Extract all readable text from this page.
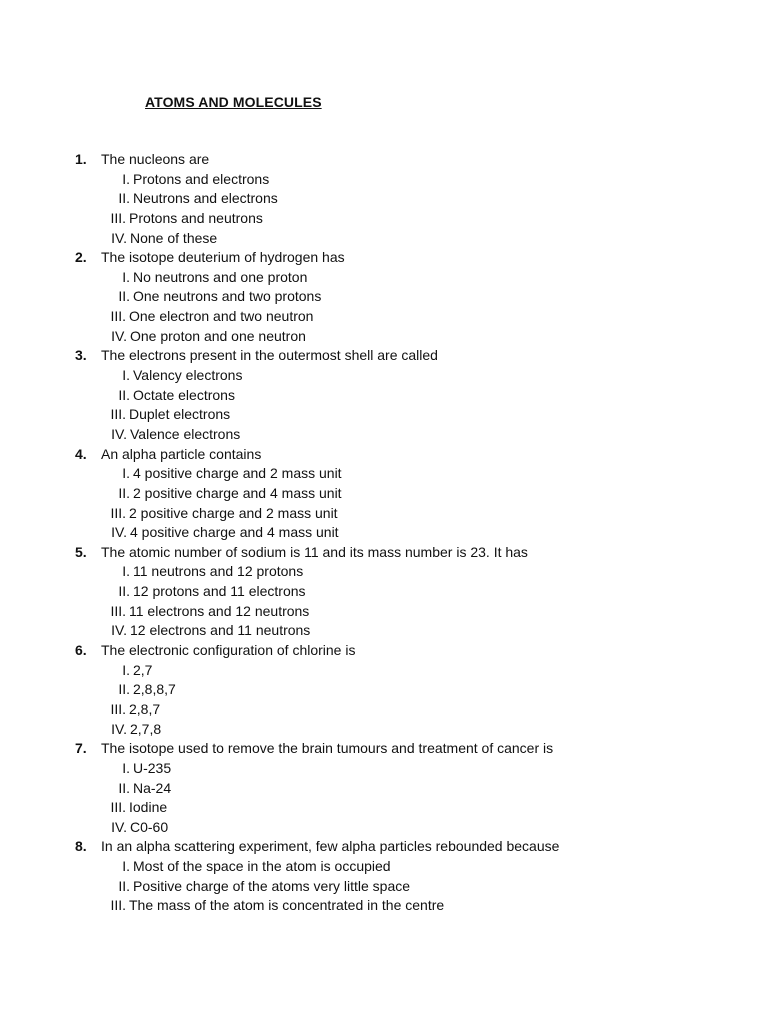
ATOMS AND MOLECULES
1. The nucleons are
I. Protons and electrons
II. Neutrons and electrons
III. Protons and neutrons
IV. None of these
2. The isotope deuterium of hydrogen has
I. No neutrons and one proton
II. One neutrons and two protons
III. One electron and two neutron
IV. One proton and one neutron
3. The electrons present in the outermost shell are called
I. Valency electrons
II. Octate electrons
III. Duplet electrons
IV. Valence electrons
4. An alpha particle contains
I. 4 positive charge and 2 mass unit
II. 2 positive charge and 4 mass unit
III. 2 positive charge and 2 mass unit
IV. 4 positive charge and 4 mass unit
5. The atomic number of sodium is 11 and its mass number is 23. It has
I. 11 neutrons and 12 protons
II. 12 protons and 11 electrons
III. 11 electrons and 12 neutrons
IV. 12 electrons and 11 neutrons
6. The electronic configuration of chlorine is
I. 2,7
II. 2,8,8,7
III. 2,8,7
IV. 2,7,8
7. The isotope used to remove the brain tumours and treatment of cancer is
I. U-235
II. Na-24
III. Iodine
IV. C0-60
8. In an alpha scattering experiment, few alpha particles rebounded because
I. Most of the space in the atom is occupied
II. Positive charge of the atoms very little space
III. The mass of the atom is concentrated in the centre
